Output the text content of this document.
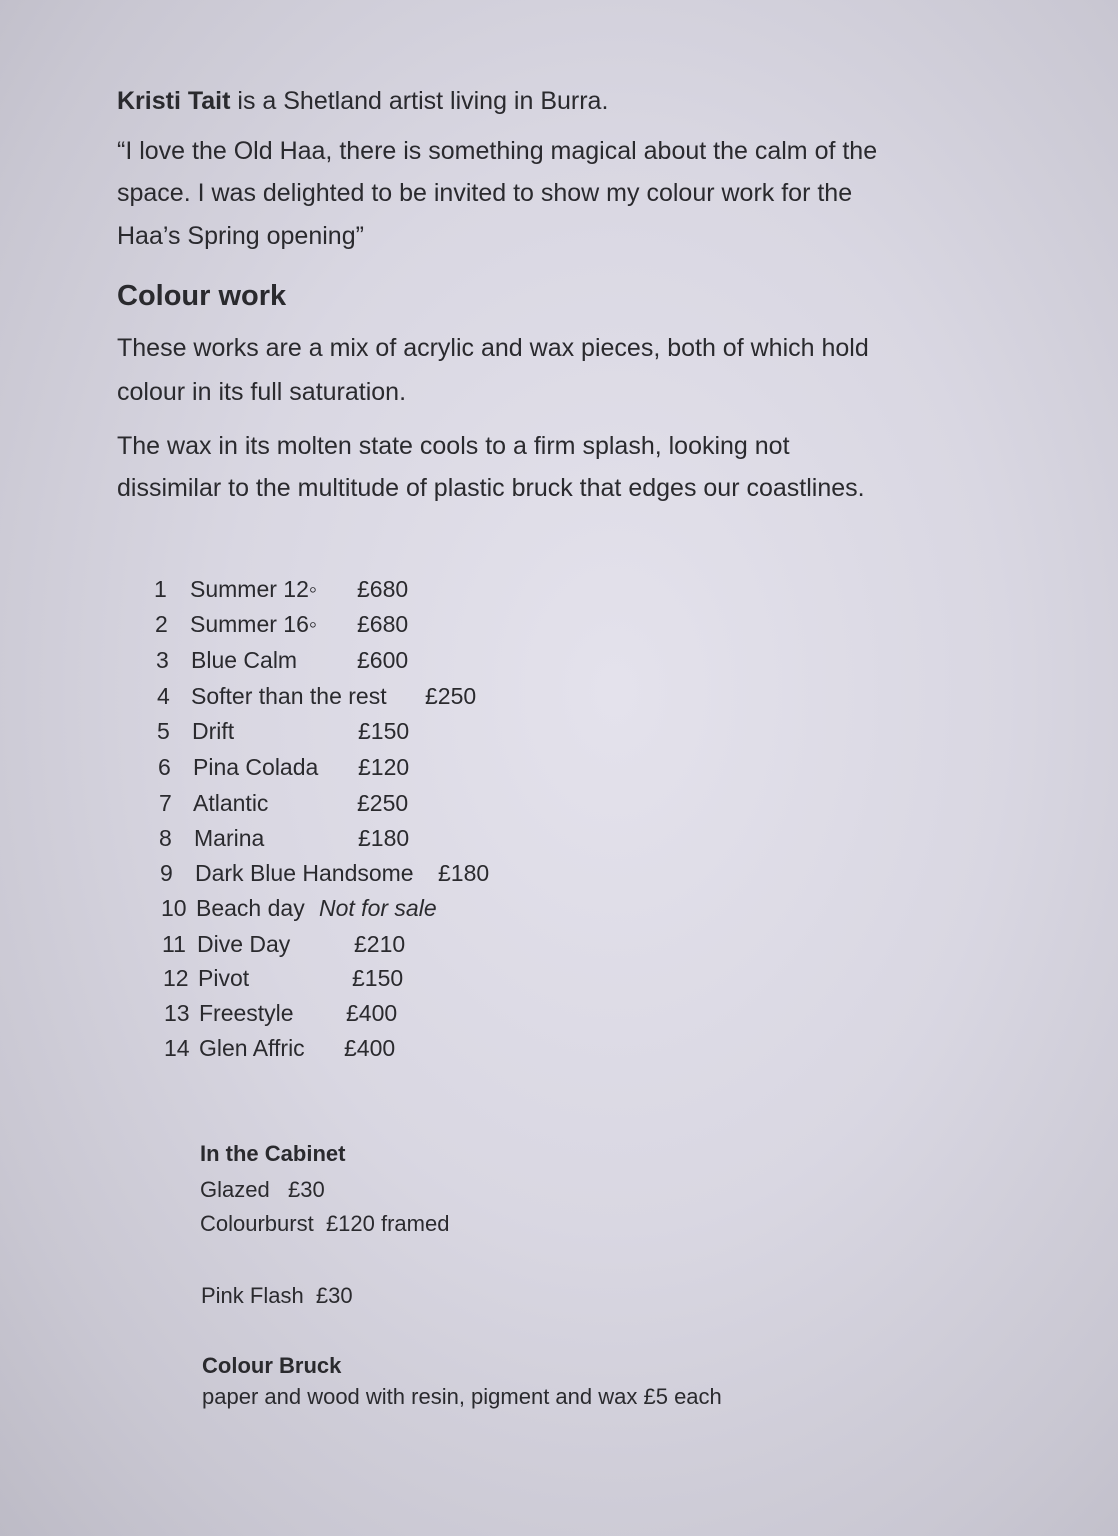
Kristi Tait is a Shetland artist living in Burra.
“I love the Old Haa, there is something magical about the calm of the
space. I was delighted to be invited to show my colour work for the
Haa’s Spring opening”
Colour work
These works are a mix of acrylic and wax pieces, both of which hold
colour in its full saturation.
The wax in its molten state cools to a firm splash, looking not
dissimilar to the multitude of plastic bruck that edges our coastlines.
1 Summer 12◦ £680
2 Summer 16◦ £680
3 Blue Calm	£600
4 Softer than the rest £250
5 Drift	£150
6 Pina Colada £120
7 Atlantic	£250
8 Marina	£180
9 Dark Blue Handsome £180
10 Beach day Not for sale
11 Dive Day	£210
12 Pivot	£150
13 Freestyle £400
14 Glen Affric £400
In the Cabinet
Glazed   £30
Colourburst  £120 framed
Pink Flash  £30
Colour Bruck
paper and wood with resin, pigment and wax £5 each
